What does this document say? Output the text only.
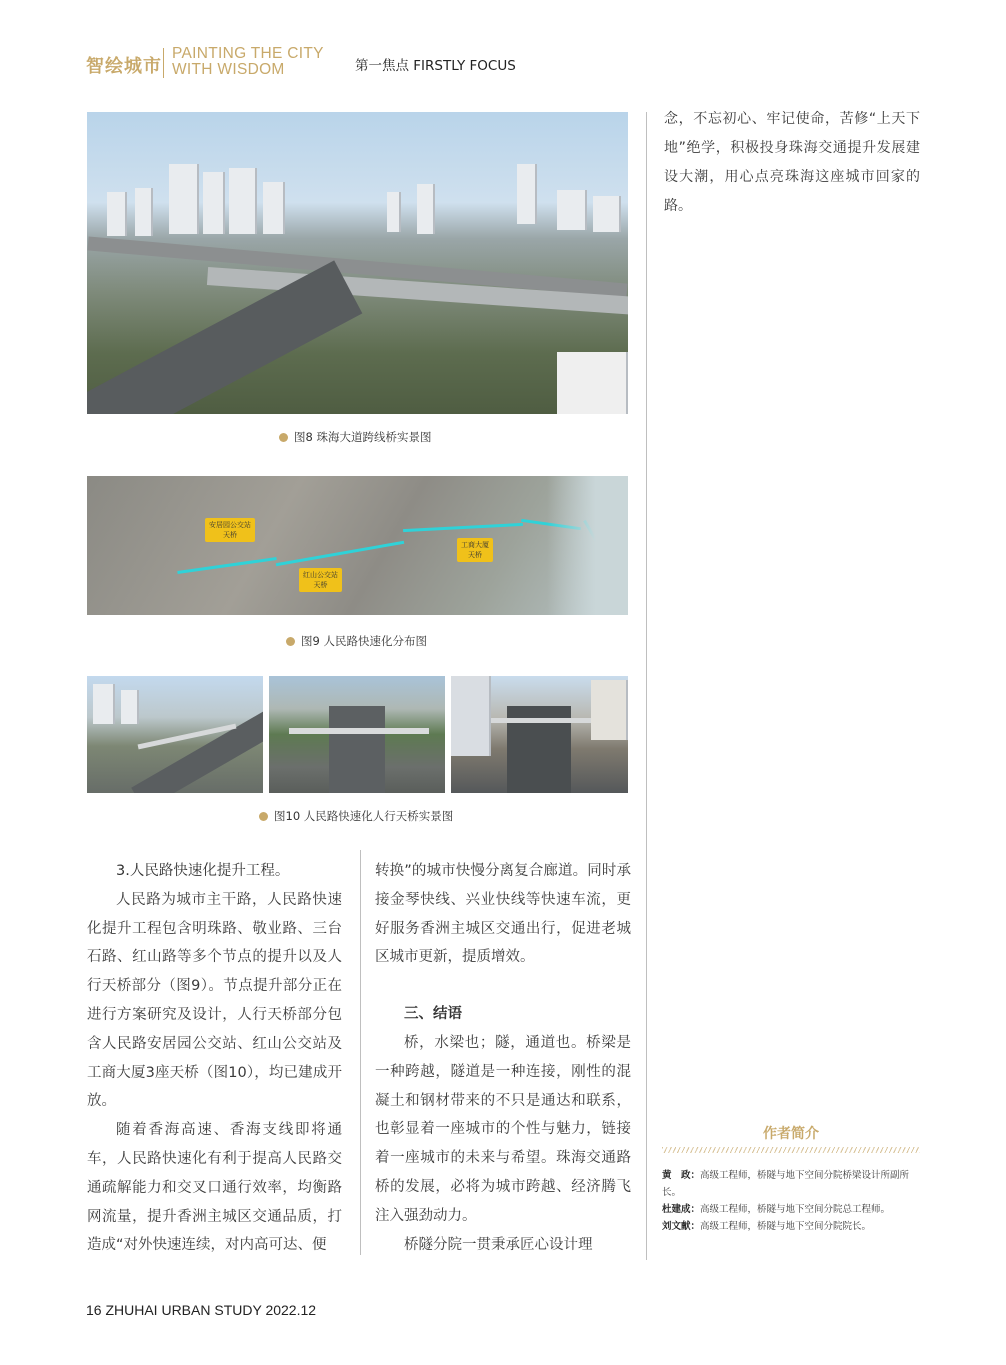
智绘城市
PAINTING THE CITY
WITH WISDOM	第一焦点 FIRSTLY FOCUS
图8 珠海大道跨线桥实景图
安居园公交站
天桥
红山公交站
天桥
工商大厦
天桥
图9 人民路快速化分布图
图10 人民路快速化人行天桥实景图
3.人民路快速化提升工程。

人民路为城市主干路，人民路快速化提升工程包含明珠路、敬业路、三台石路、红山路等多个节点的提升以及人行天桥部分（图9）。节点提升部分正在进行方案研究及设计，人行天桥部分包含人民路安居园公交站、红山公交站及工商大厦3座天桥（图10），均已建成开放。

随着香海高速、香海支线即将通车，人民路快速化有利于提高人民路交通疏解能力和交叉口通行效率，均衡路网流量，提升香洲主城区交通品质，打造成“对外快速连续，对内高可达、便

转换”的城市快慢分离复合廊道。同时承接金琴快线、兴业快线等快速车流，更好服务香洲主城区交通出行，促进老城区城市更新，提质增效。
三、结语

桥，水梁也；隧，通道也。桥梁是一种跨越，隧道是一种连接，刚性的混凝土和钢材带来的不只是通达和联系，也彰显着一座城市的个性与魅力，链接着一座城市的未来与希望。珠海交通路桥的发展，必将为城市跨越、经济腾飞注入强劲动力。

桥隧分院一贯秉承匠心设计理

念，不忘初心、牢记使命，苦修“上天下地”绝学，积极投身珠海交通提升发展建设大潮，用心点亮珠海这座城市回家的路。
作者简介
黄　政：高级工程师，桥隧与地下空间分院桥梁设计所副所长。
杜建成：高级工程师，桥隧与地下空间分院总工程师。
刘文献：高级工程师，桥隧与地下空间分院院长。
16 ZHUHAI URBAN STUDY 2022.12
